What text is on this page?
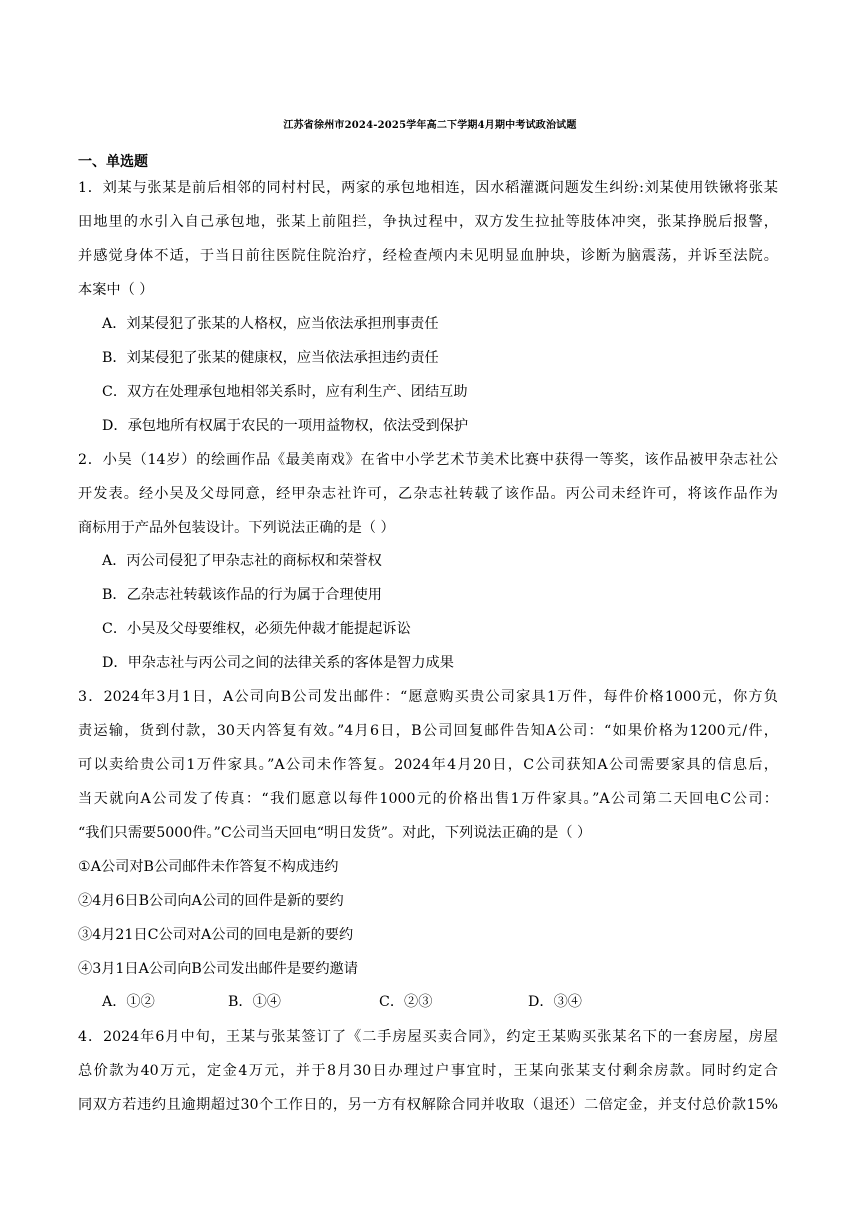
江苏省徐州市2024-2025学年高二下学期4月期中考试政治试题
一、单选题
1．刘某与张某是前后相邻的同村村民，两家的承包地相连，因水稻灌溉问题发生纠纷:刘某使用铁锹将张某
田地里的水引入自己承包地，张某上前阻拦，争执过程中，双方发生拉扯等肢体冲突，张某挣脱后报警，
并感觉身体不适，于当日前往医院住院治疗，经检查颅内未见明显血肿块，诊断为脑震荡，并诉至法院。
本案中（ ）
A．刘某侵犯了张某的人格权，应当依法承担刑事责任
B．刘某侵犯了张某的健康权，应当依法承担违约责任
C．双方在处理承包地相邻关系时，应有利生产、团结互助
D．承包地所有权属于农民的一项用益物权，依法受到保护
2．小吴（14岁）的绘画作品《最美南戏》在省中小学艺术节美术比赛中获得一等奖，该作品被甲杂志社公
开发表。经小吴及父母同意，经甲杂志社许可，乙杂志社转载了该作品。丙公司未经许可，将该作品作为
商标用于产品外包装设计。下列说法正确的是（ ）
A．丙公司侵犯了甲杂志社的商标权和荣誉权
B．乙杂志社转载该作品的行为属于合理使用
C．小吴及父母要维权，必须先仲裁才能提起诉讼
D．甲杂志社与丙公司之间的法律关系的客体是智力成果
3．2024年3月1日，A公司向B公司发出邮件：“愿意购买贵公司家具1万件，每件价格1000元，你方负
责运输，货到付款，30天内答复有效。”4月6日，B公司回复邮件告知A公司：“如果价格为1200元/件，
可以卖给贵公司1万件家具。”A公司未作答复。2024年4月20日，C公司获知A公司需要家具的信息后，
当天就向A公司发了传真：“我们愿意以每件1000元的价格出售1万件家具。”A公司第二天回电C公司：
“我们只需要5000件。”C公司当天回电“明日发货”。对此，下列说法正确的是（ ）
①A公司对B公司邮件未作答复不构成违约
②4月6日B公司向A公司的回件是新的要约
③4月21日C公司对A公司的回电是新的要约
④3月1日A公司向B公司发出邮件是要约邀请
A．①②	B．①④	C．②③	D．③④
4．2024年6月中旬，王某与张某签订了《二手房屋买卖合同》，约定王某购买张某名下的一套房屋，房屋
总价款为40万元，定金4万元，并于8月30日办理过户事宜时，王某向张某支付剩余房款。同时约定合
同双方若违约且逾期超过30个工作日的，另一方有权解除合同并收取（退还）二倍定金，并支付总价款15%
